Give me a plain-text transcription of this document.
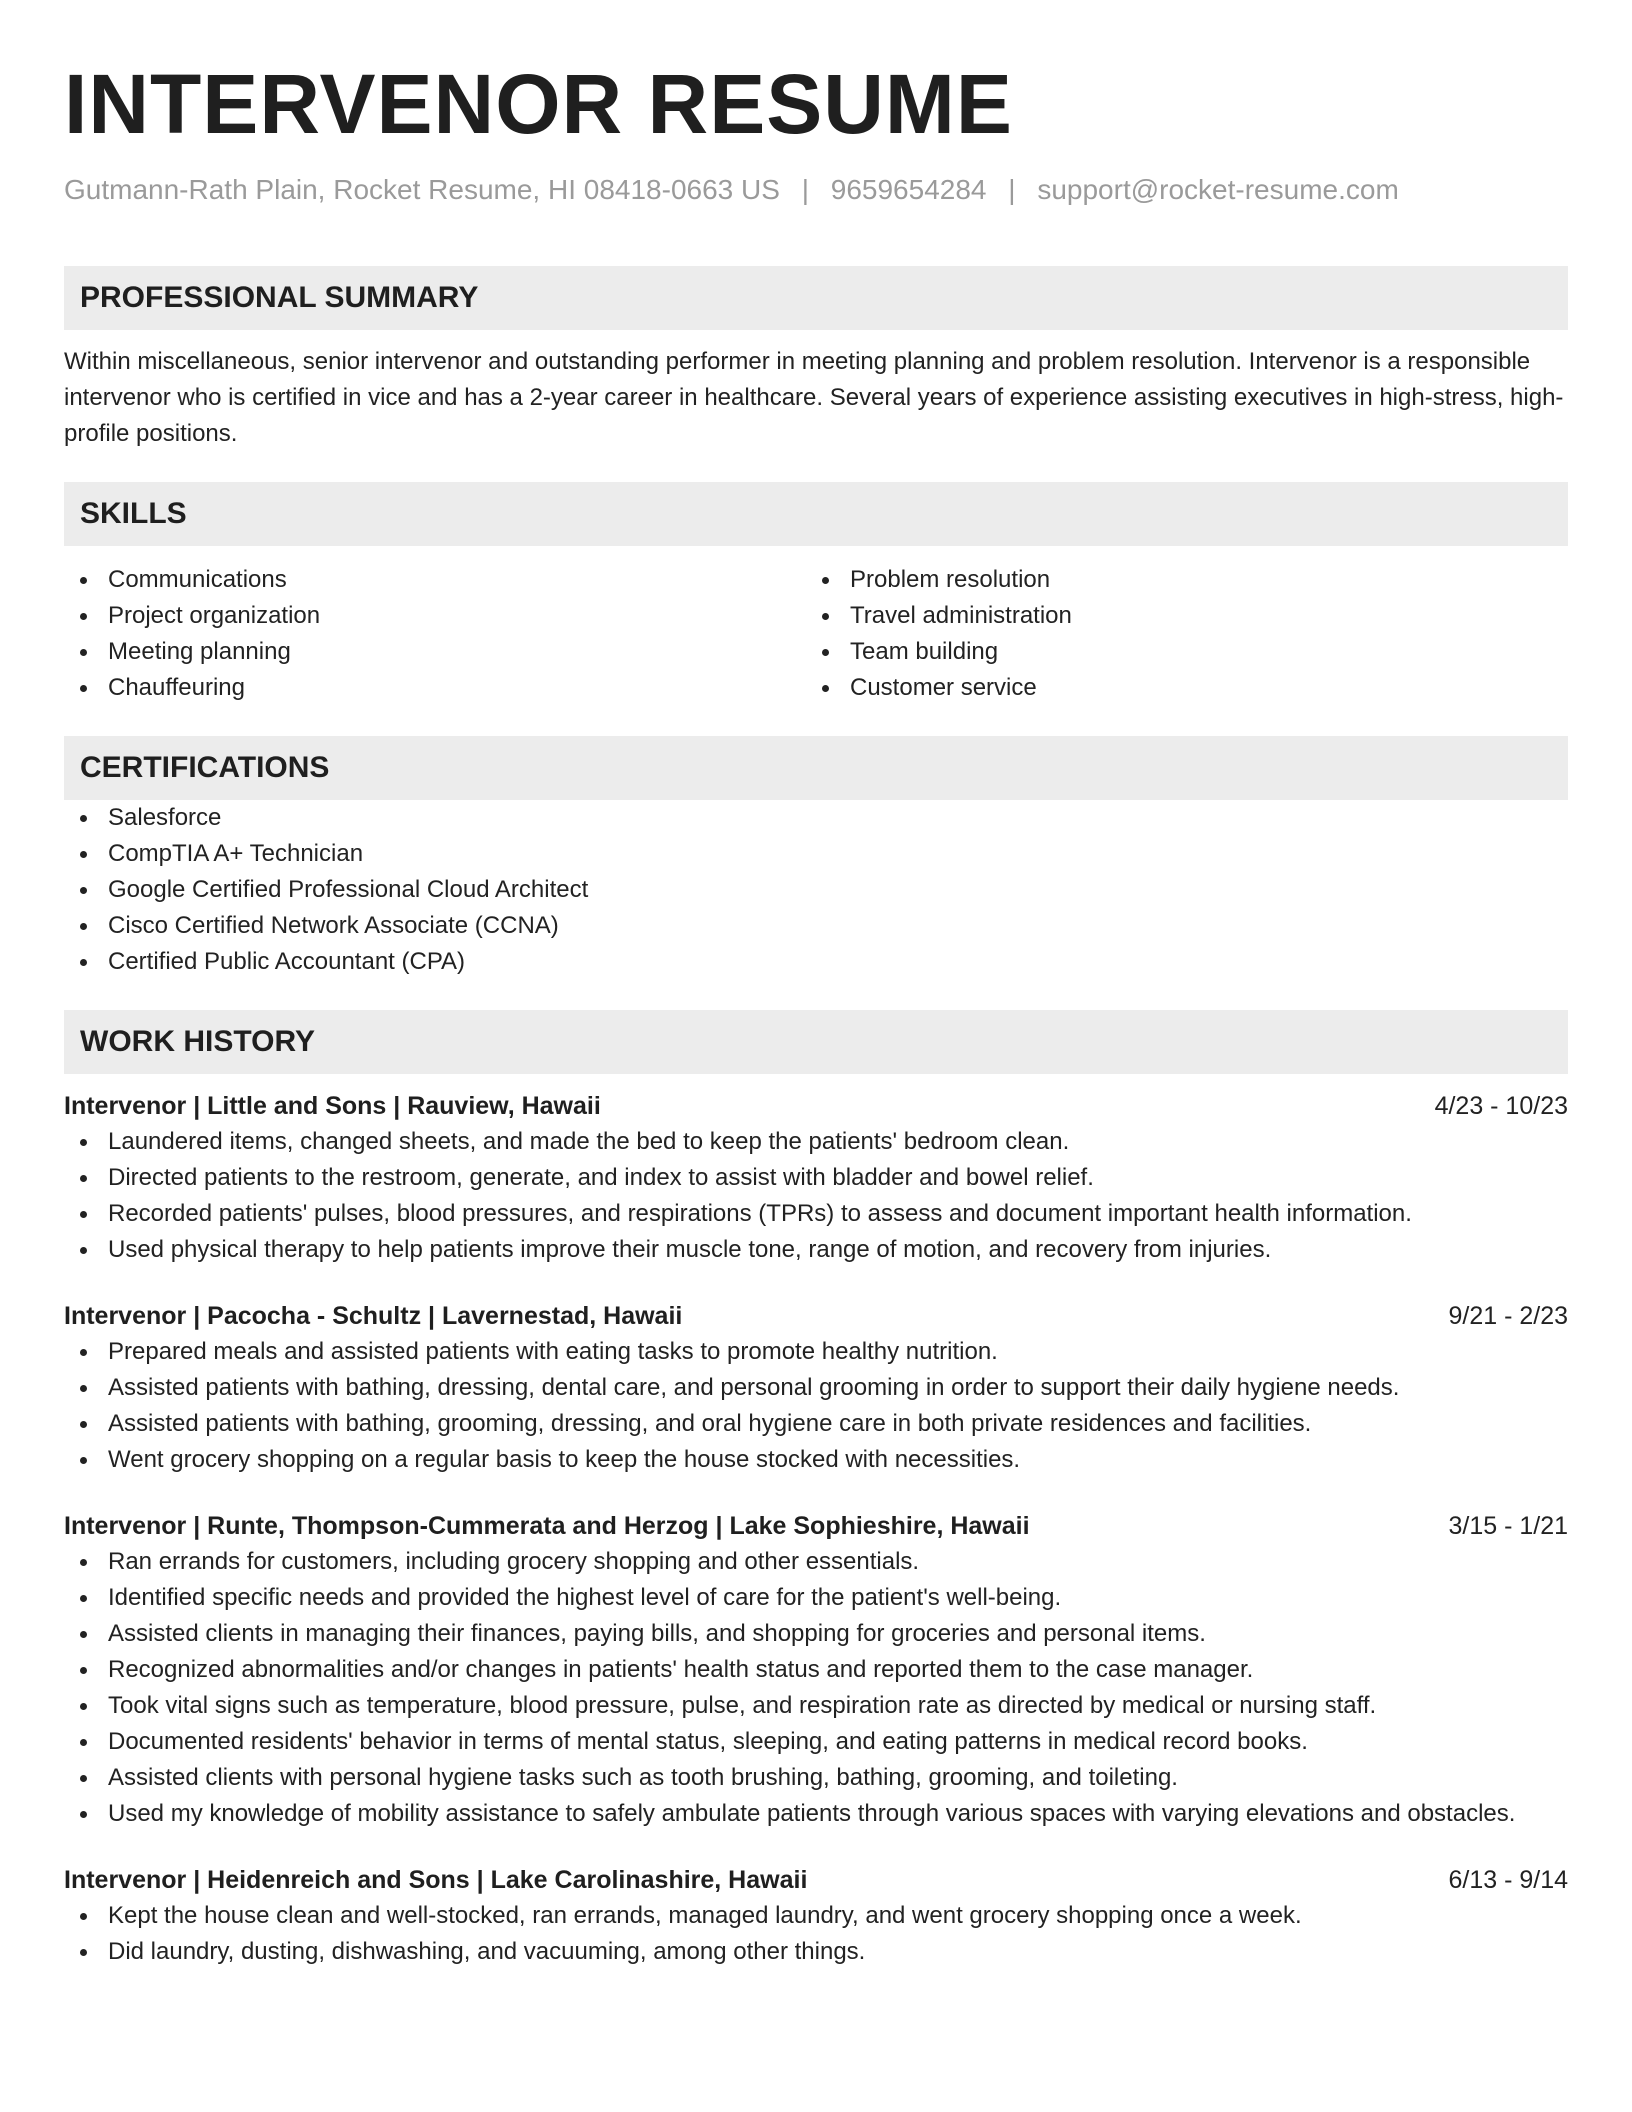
INTERVENOR RESUME
Gutmann-Rath Plain, Rocket Resume, HI 08418-0663 US | 9659654284 | support@rocket-resume.com
PROFESSIONAL SUMMARY

Within miscellaneous, senior intervenor and outstanding performer in meeting planning and problem resolution. Intervenor is a responsible intervenor who is certified in vice and has a 2-year career in healthcare. Several years of experience assisting executives in high-stress, high-profile positions.

SKILLS
Communications
Project organization
Meeting planning
Chauffeuring
Problem resolution
Travel administration
Team building
Customer service
CERTIFICATIONS
Salesforce
CompTIA A+ Technician
Google Certified Professional Cloud Architect
Cisco Certified Network Associate (CCNA)
Certified Public Accountant (CPA)
WORK HISTORY
Intervenor | Little and Sons | Rauview, Hawaii	4/23 - 10/23
Laundered items, changed sheets, and made the bed to keep the patients' bedroom clean.
Directed patients to the restroom, generate, and index to assist with bladder and bowel relief.
Recorded patients' pulses, blood pressures, and respirations (TPRs) to assess and document important health information.
Used physical therapy to help patients improve their muscle tone, range of motion, and recovery from injuries.
Intervenor | Pacocha - Schultz | Lavernestad, Hawaii	9/21 - 2/23
Prepared meals and assisted patients with eating tasks to promote healthy nutrition.
Assisted patients with bathing, dressing, dental care, and personal grooming in order to support their daily hygiene needs.
Assisted patients with bathing, grooming, dressing, and oral hygiene care in both private residences and facilities.
Went grocery shopping on a regular basis to keep the house stocked with necessities.
Intervenor | Runte, Thompson-Cummerata and Herzog | Lake Sophieshire, Hawaii	3/15 - 1/21
Ran errands for customers, including grocery shopping and other essentials.
Identified specific needs and provided the highest level of care for the patient's well-being.
Assisted clients in managing their finances, paying bills, and shopping for groceries and personal items.
Recognized abnormalities and/or changes in patients' health status and reported them to the case manager.
Took vital signs such as temperature, blood pressure, pulse, and respiration rate as directed by medical or nursing staff.
Documented residents' behavior in terms of mental status, sleeping, and eating patterns in medical record books.
Assisted clients with personal hygiene tasks such as tooth brushing, bathing, grooming, and toileting.
Used my knowledge of mobility assistance to safely ambulate patients through various spaces with varying elevations and obstacles.
Intervenor | Heidenreich and Sons | Lake Carolinashire, Hawaii	6/13 - 9/14
Kept the house clean and well-stocked, ran errands, managed laundry, and went grocery shopping once a week.
Did laundry, dusting, dishwashing, and vacuuming, among other things.
